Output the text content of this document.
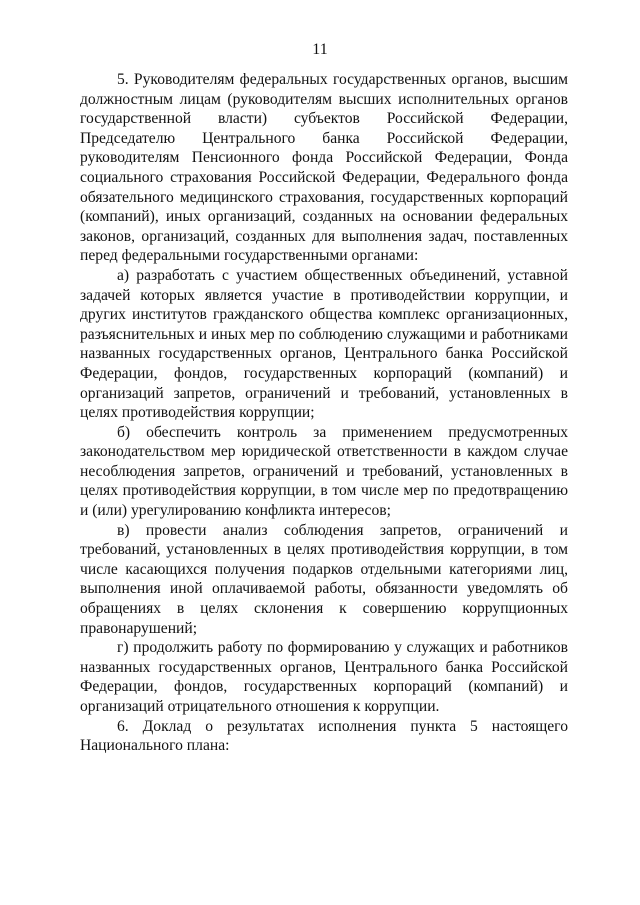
11

5. Руководителям федеральных государственных органов, высшим должностным лицам (руководителям высших исполнительных органов государственной власти) субъектов Российской Федерации, Председателю Центрального банка Российской Федерации, руководителям Пенсионного фонда Российской Федерации, Фонда социального страхования Российской Федерации, Федерального фонда обязательного медицинского страхования, государственных корпораций (компаний), иных организаций, созданных на основании федеральных законов, организаций, созданных для выполнения задач, поставленных перед федеральными государственными органами:

а) разработать с участием общественных объединений, уставной задачей которых является участие в противодействии коррупции, и других институтов гражданского общества комплекс организационных, разъяснительных и иных мер по соблюдению служащими и работниками названных государственных органов, Центрального банка Российской Федерации, фондов, государственных корпораций (компаний) и организаций запретов, ограничений и требований, установленных в целях противодействия коррупции;

б) обеспечить контроль за применением предусмотренных законодательством мер юридической ответственности в каждом случае несоблюдения запретов, ограничений и требований, установленных в целях противодействия коррупции, в том числе мер по предотвращению и (или) урегулированию конфликта интересов;

в) провести анализ соблюдения запретов, ограничений и требований, установленных в целях противодействия коррупции, в том числе касающихся получения подарков отдельными категориями лиц, выполнения иной оплачиваемой работы, обязанности уведомлять об обращениях в целях склонения к совершению коррупционных правонарушений;

г) продолжить работу по формированию у служащих и работников названных государственных органов, Центрального банка Российской Федерации, фондов, государственных корпораций (компаний) и организаций отрицательного отношения к коррупции.

6. Доклад о результатах исполнения пункта 5 настоящего Национального плана:
